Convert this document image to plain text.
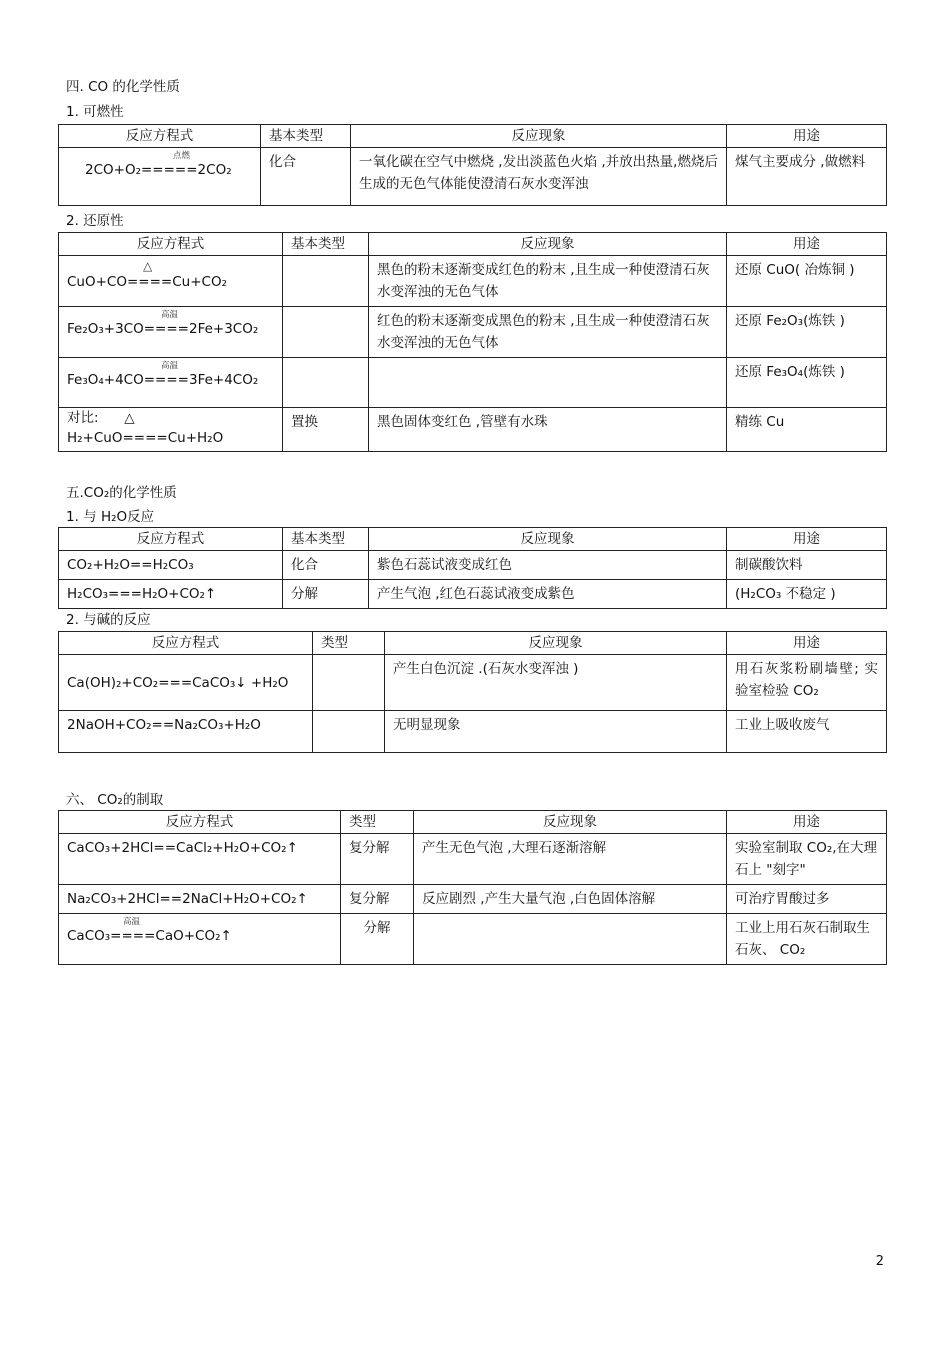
四. CO 的化学性质
1. 可燃性
反应方程式	基本类型	反应现象	用途

点燃
2CO+O₂=====2CO₂	化合	一氧化碳在空气中燃烧 ,发出淡蓝色火焰 ,并放出热量,燃烧后生成的无色气体能使澄清石灰水变浑浊	煤气主要成分 ,做燃料
2. 还原性
反应方程式	基本类型	反应现象	用途

△
CuO+CO====Cu+CO₂		黑色的粉末逐渐变成红色的粉末 ,且生成一种使澄清石灰水变浑浊的无色气体	还原 CuO( 冶炼铜 )

高温
Fe₂O₃+3CO====2Fe+3CO₂		红色的粉末逐渐变成黑色的粉末 ,且生成一种使澄清石灰水变浑浊的无色气体	还原 Fe₂O₃(炼铁 )

高温
Fe₃O₄+4CO====3Fe+4CO₂			还原 Fe₃O₄(炼铁 )

对比:      △
H₂+CuO====Cu+H₂O	置换	黑色固体变红色 ,管壁有水珠	精练 Cu
五.CO₂的化学性质
1. 与 H₂O反应
反应方程式	基本类型	反应现象	用途
CO₂+H₂O==H₂CO₃	化合	紫色石蕊试液变成红色	制碳酸饮料
H₂CO₃===H₂O+CO₂↑	分解	产生气泡 ,红色石蕊试液变成紫色	(H₂CO₃ 不稳定 )
2. 与碱的反应
反应方程式	类型	反应现象	用途
Ca(OH)₂+CO₂===CaCO₃↓ +H₂O		产生白色沉淀 .(石灰水变浑浊 )	用石灰浆粉刷墙壁; 实验室检验 CO₂
2NaOH+CO₂==Na₂CO₃+H₂O		无明显现象	工业上吸收废气
六、 CO₂的制取
反应方程式	类型	反应现象	用途
CaCO₃+2HCl==CaCl₂+H₂O+CO₂↑	复分解	产生无色气泡 ,大理石逐渐溶解	实验室制取 CO₂,在大理石上 "刻字"
Na₂CO₃+2HCl==2NaCl+H₂O+CO₂↑	复分解	反应剧烈 ,产生大量气泡 ,白色固体溶解	可治疗胃酸过多

高温
CaCO₃====CaO+CO₂↑	分解		工业上用石灰石制取生石灰、 CO₂
2
